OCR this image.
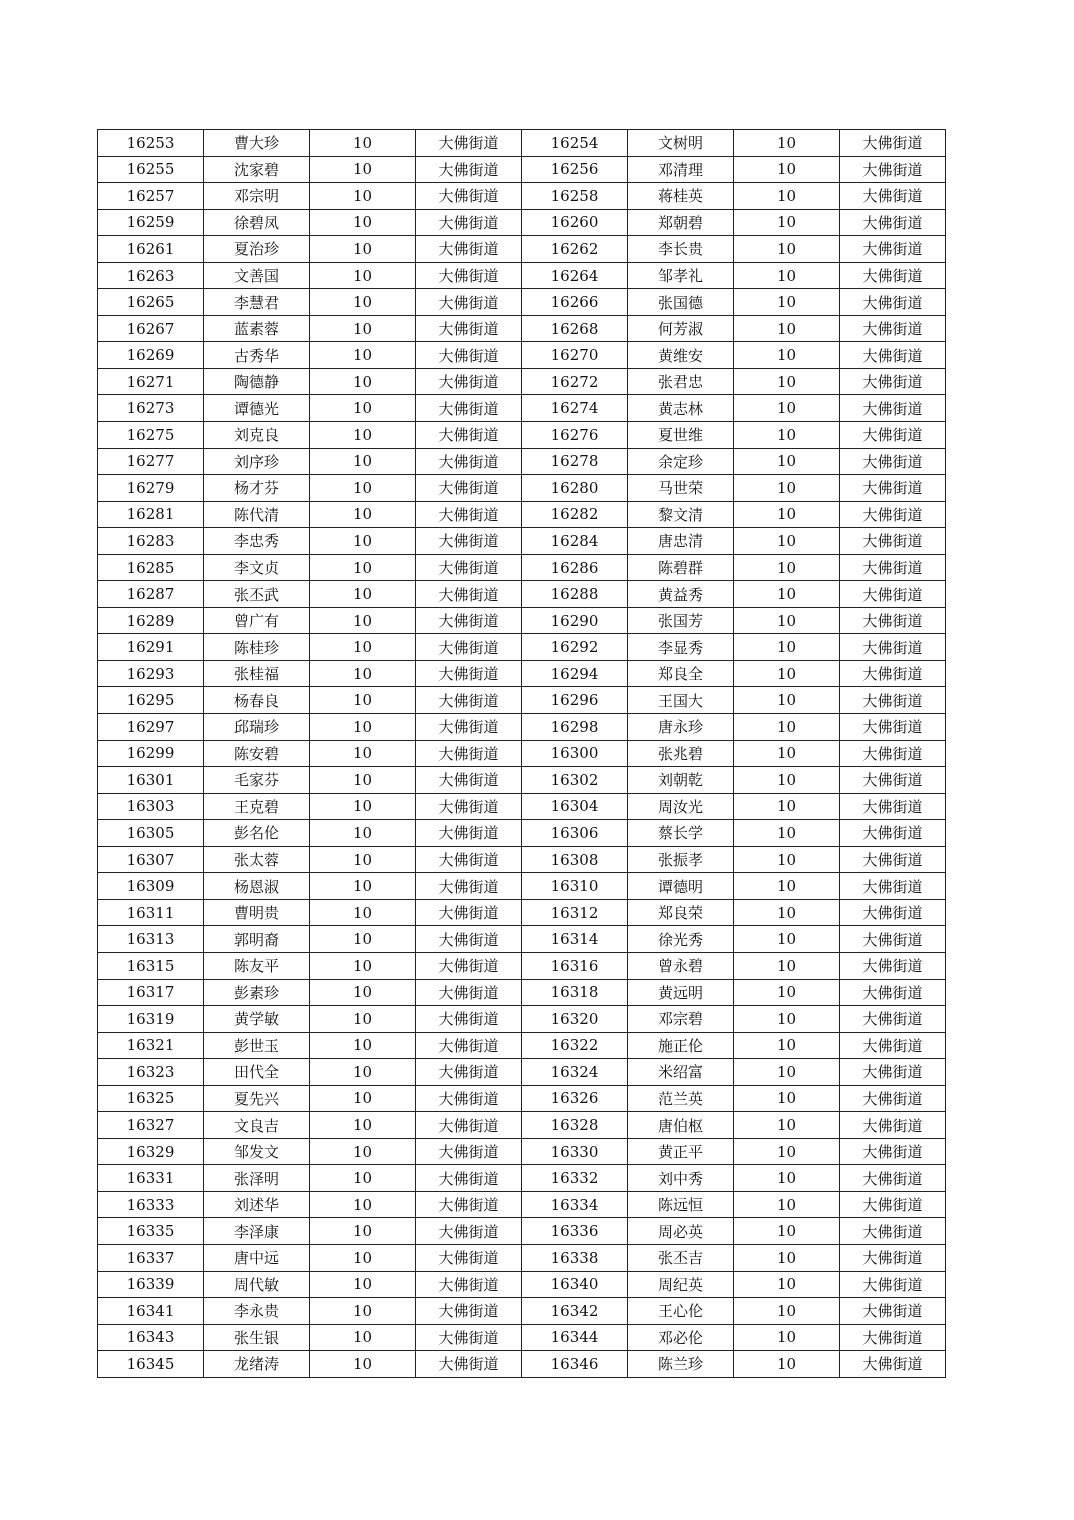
16253	曹大珍	10	大佛街道	16254	文树明	10	大佛街道
16255	沈家碧	10	大佛街道	16256	邓清理	10	大佛街道
16257	邓宗明	10	大佛街道	16258	蒋桂英	10	大佛街道
16259	徐碧凤	10	大佛街道	16260	郑朝碧	10	大佛街道
16261	夏治珍	10	大佛街道	16262	李长贵	10	大佛街道
16263	文善国	10	大佛街道	16264	邹孝礼	10	大佛街道
16265	李慧君	10	大佛街道	16266	张国德	10	大佛街道
16267	蓝素蓉	10	大佛街道	16268	何芳淑	10	大佛街道
16269	古秀华	10	大佛街道	16270	黄维安	10	大佛街道
16271	陶德静	10	大佛街道	16272	张君忠	10	大佛街道
16273	谭德光	10	大佛街道	16274	黄志林	10	大佛街道
16275	刘克良	10	大佛街道	16276	夏世维	10	大佛街道
16277	刘序珍	10	大佛街道	16278	余定珍	10	大佛街道
16279	杨才芬	10	大佛街道	16280	马世荣	10	大佛街道
16281	陈代清	10	大佛街道	16282	黎文清	10	大佛街道
16283	李忠秀	10	大佛街道	16284	唐忠清	10	大佛街道
16285	李文贞	10	大佛街道	16286	陈碧群	10	大佛街道
16287	张丕武	10	大佛街道	16288	黄益秀	10	大佛街道
16289	曾广有	10	大佛街道	16290	张国芳	10	大佛街道
16291	陈桂珍	10	大佛街道	16292	李显秀	10	大佛街道
16293	张桂福	10	大佛街道	16294	郑良全	10	大佛街道
16295	杨春良	10	大佛街道	16296	王国大	10	大佛街道
16297	邱瑞珍	10	大佛街道	16298	唐永珍	10	大佛街道
16299	陈安碧	10	大佛街道	16300	张兆碧	10	大佛街道
16301	毛家芬	10	大佛街道	16302	刘朝乾	10	大佛街道
16303	王克碧	10	大佛街道	16304	周汝光	10	大佛街道
16305	彭名伦	10	大佛街道	16306	蔡长学	10	大佛街道
16307	张太蓉	10	大佛街道	16308	张振孝	10	大佛街道
16309	杨恩淑	10	大佛街道	16310	谭德明	10	大佛街道
16311	曹明贵	10	大佛街道	16312	郑良荣	10	大佛街道
16313	郭明裔	10	大佛街道	16314	徐光秀	10	大佛街道
16315	陈友平	10	大佛街道	16316	曾永碧	10	大佛街道
16317	彭素珍	10	大佛街道	16318	黄远明	10	大佛街道
16319	黄学敏	10	大佛街道	16320	邓宗碧	10	大佛街道
16321	彭世玉	10	大佛街道	16322	施正伦	10	大佛街道
16323	田代全	10	大佛街道	16324	米绍富	10	大佛街道
16325	夏先兴	10	大佛街道	16326	范兰英	10	大佛街道
16327	文良吉	10	大佛街道	16328	唐伯枢	10	大佛街道
16329	邹发文	10	大佛街道	16330	黄正平	10	大佛街道
16331	张泽明	10	大佛街道	16332	刘中秀	10	大佛街道
16333	刘述华	10	大佛街道	16334	陈远恒	10	大佛街道
16335	李泽康	10	大佛街道	16336	周必英	10	大佛街道
16337	唐中远	10	大佛街道	16338	张丕吉	10	大佛街道
16339	周代敏	10	大佛街道	16340	周纪英	10	大佛街道
16341	李永贵	10	大佛街道	16342	王心伦	10	大佛街道
16343	张生银	10	大佛街道	16344	邓必伦	10	大佛街道
16345	龙绪涛	10	大佛街道	16346	陈兰珍	10	大佛街道
